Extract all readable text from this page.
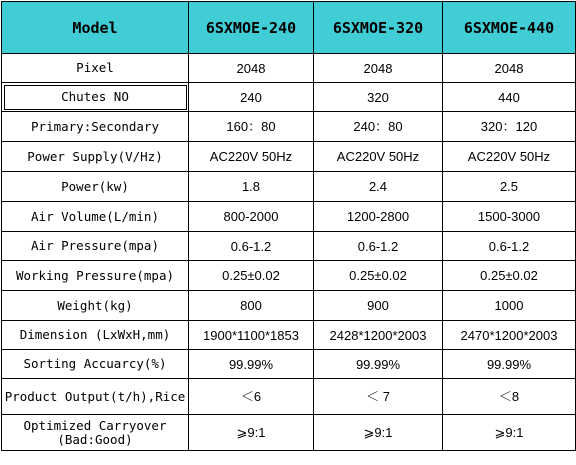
Model	6SXMOE-240	6SXMOE-320	6SXMOE-440
Pixel	2048	2048	2048
Chutes NO	240	320	440
Primary:Secondary	160：80	240：80	320：120
Power Supply(V/Hz)	AC220V 50Hz	AC220V 50Hz	AC220V 50Hz
Power(kw)	1.8	2.4	2.5
Air Volume(L/min)	800-2000	1200-2800	1500-3000
Air Pressure(mpa)	0.6-1.2	0.6-1.2	0.6-1.2
Working Pressure(mpa)	0.25±0.02	0.25±0.02	0.25±0.02
Weight(kg)	800	900	1000
Dimension (LxWxH,mm)	1900*1100*1853	2428*1200*2003	2470*1200*2003
Sorting Accuarcy(%)	99.99%	99.99%	99.99%
Product Output(t/h),Rice	＜6	＜ 7	＜8
Optimized Carryover (Bad:Good)	⩾9:1	⩾9:1	⩾9:1
